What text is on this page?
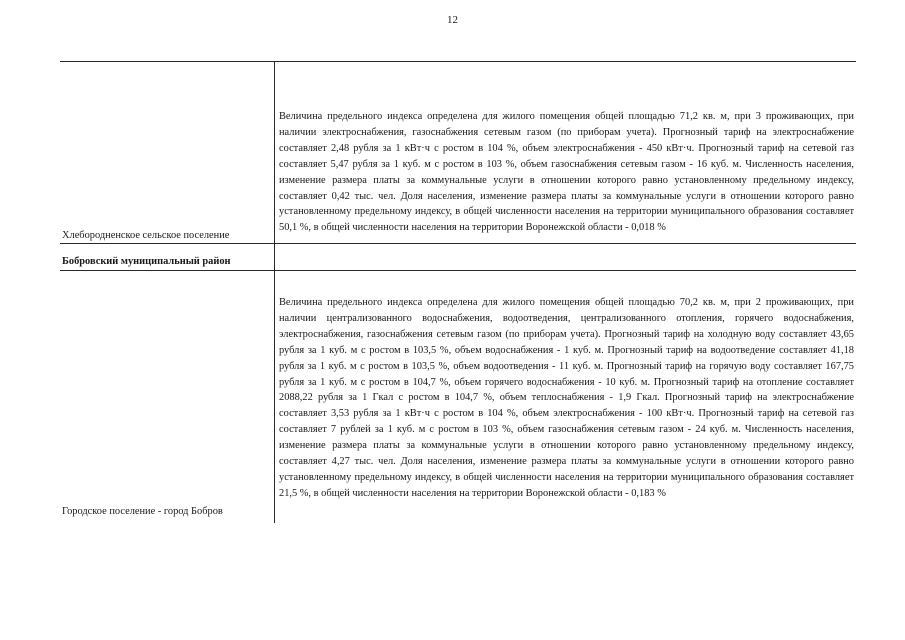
12
Величина предельного индекса определена для жилого помещения общей площадью 71,2 кв. м, при 3 проживающих, при наличии электроснабжения, газоснабжения сетевым газом (по приборам учета). Прогнозный тариф на электроснабжение составляет 2,48 рубля за 1 кВт·ч с ростом в 104 %, объем электроснабжения - 450 кВт·ч. Прогнозный тариф на сетевой газ составляет 5,47 рубля за 1 куб. м с ростом в 103 %, объем газоснабжения сетевым газом - 16 куб. м. Численность населения, изменение размера платы за коммунальные услуги в отношении которого равно установленному предельному индексу, составляет 0,42 тыс. чел. Доля населения, изменение размера платы за коммунальные услуги в отношении которого равно установленному предельному индексу, в общей численности населения на территории муниципального образования составляет 50,1 %, в общей численности населения на территории Воронежской области - 0,018 %
Хлебородненское сельское поселение
Бобровский муниципальный район
Величина предельного индекса определена для жилого помещения общей площадью 70,2 кв. м, при 2 проживающих, при наличии централизованного водоснабжения, водоотведения, централизованного отопления, горячего водоснабжения, электроснабжения, газоснабжения сетевым газом (по приборам учета). Прогнозный тариф на холодную воду составляет 43,65 рубля за 1 куб. м с ростом в 103,5 %, объем водоснабжения - 1 куб. м. Прогнозный тариф на водоотведение составляет 41,18 рубля за 1 куб. м с ростом в 103,5 %, объем водоотведения - 11 куб. м. Прогнозный тариф на горячую воду составляет 167,75 рубля за 1 куб. м с ростом в 104,7 %, объем горячего водоснабжения - 10 куб. м. Прогнозный тариф на отопление составляет 2088,22 рубля за 1 Гкал с ростом в 104,7 %, объем теплоснабжения - 1,9 Гкал. Прогнозный тариф на электроснабжение составляет 3,53 рубля за 1 кВт·ч с ростом в 104 %, объем электроснабжения - 100 кВт·ч. Прогнозный тариф на сетевой газ составляет 7 рублей за 1 куб. м с ростом в 103 %, объем газоснабжения сетевым газом - 24 куб. м. Численность населения, изменение размера платы за коммунальные услуги в отношении которого равно установленному предельному индексу, составляет 4,27 тыс. чел. Доля населения, изменение размера платы за коммунальные услуги в отношении которого равно установленному предельному индексу, в общей численности населения на территории муниципального образования составляет 21,5 %, в общей численности населения на территории Воронежской области - 0,183 %
Городское поселение - город Бобров
